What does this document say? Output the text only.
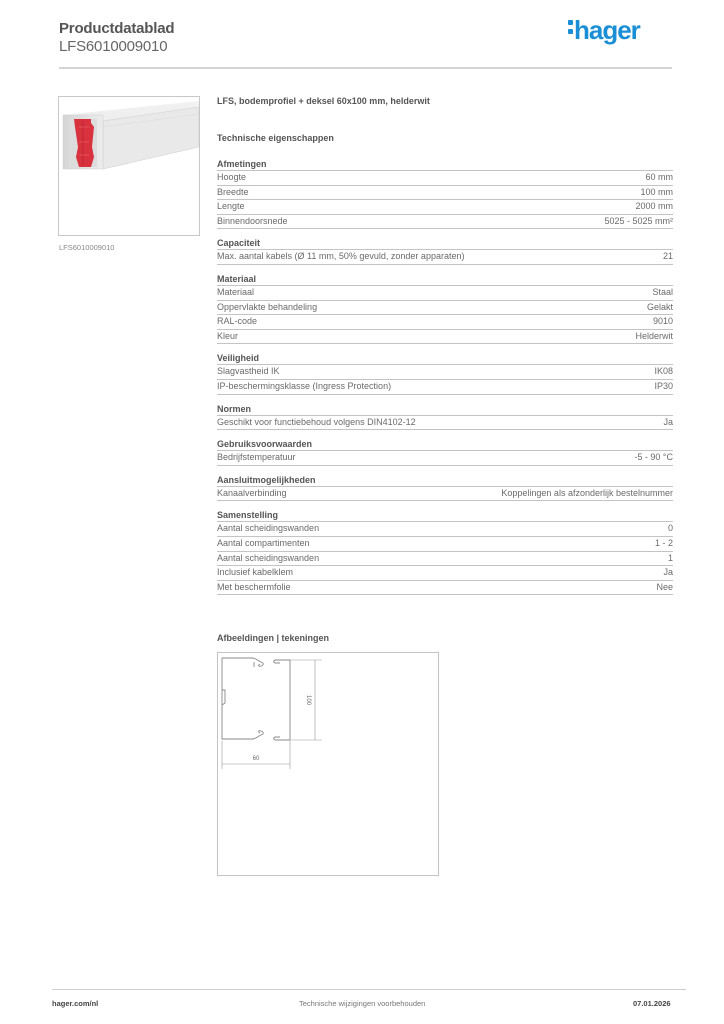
Productdatablad
LFS6010009010
hager
LFS6010009010
LFS, bodemprofiel + deksel 60x100 mm, helderwit
Technische eigenschappen
Afmetingen
Hoogte	60 mm
Breedte	100 mm
Lengte	2000 mm
Binnendoorsnede	5025 - 5025 mm²
Capaciteit
Max. aantal kabels (Ø 11 mm, 50% gevuld, zonder apparaten)	21
Materiaal
Materiaal	Staal
Oppervlakte behandeling	Gelakt
RAL-code	9010
Kleur	Helderwit
Veiligheid
Slagvastheid IK	IK08
IP-beschermingsklasse (Ingress Protection)	IP30
Normen
Geschikt voor functiebehoud volgens DIN4102-12	Ja
Gebruiksvoorwaarden
Bedrijfstemperatuur	-5 - 90 °C
Aansluitmogelijkheden
Kanaalverbinding	Koppelingen als afzonderlijk bestelnummer
Samenstelling
Aantal scheidingswanden	0
Aantal compartimenten	1 - 2
Aantal scheidingswanden	1
Inclusief kabelklem	Ja
Met beschermfolie	Nee
Afbeeldingen | tekeningen
100
60
hager.com/nl	Technische wijzigingen voorbehouden	07.01.2026
